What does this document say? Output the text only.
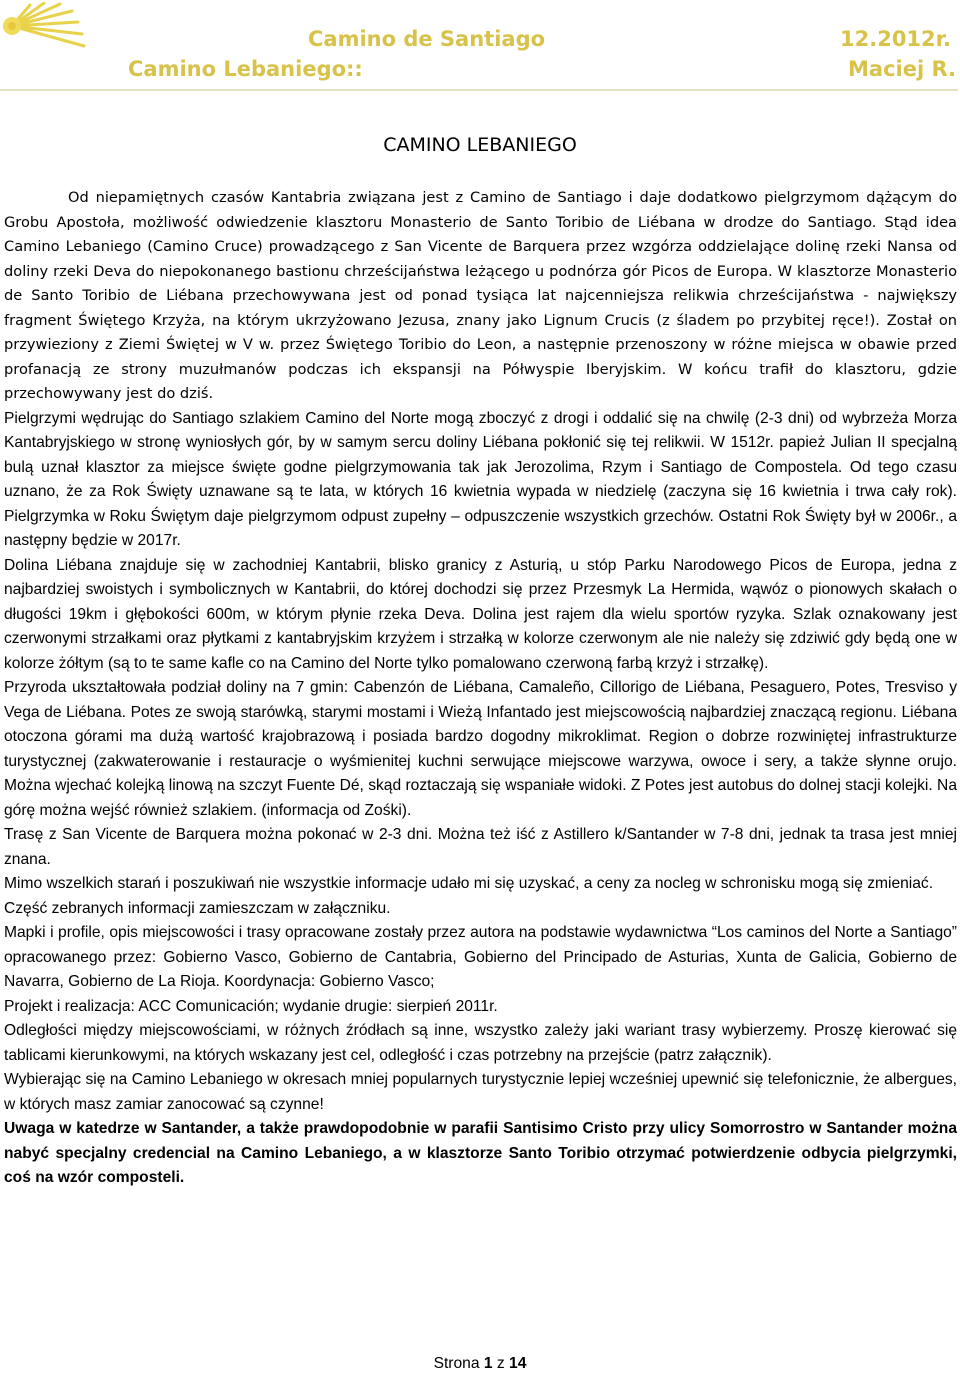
Camino de Santiago	12.2012r.
Camino Lebaniego::	Maciej R.
CAMINO LEBANIEGO

Od niepamiętnych czasów Kantabria związana jest z Camino de Santiago i daje dodatkowo pielgrzymom dążącym do Grobu Apostoła, możliwość odwiedzenie klasztoru Monasterio de Santo Toribio de Liébana w drodze do Santiago. Stąd idea Camino Lebaniego (Camino Cruce) prowadzącego z San Vicente de Barquera przez wzgórza oddzielające dolinę rzeki Nansa od doliny rzeki Deva do niepokonanego bastionu chrześcijaństwa leżącego u podnórza gór Picos de Europa. W klasztorze Monasterio de Santo Toribio de Liébana przechowywana jest od ponad tysiąca lat najcenniejsza relikwia chrześcijaństwa - największy fragment Świętego Krzyża, na którym ukrzyżowano Jezusa, znany jako Lignum Crucis (z śladem po przybitej ręce!). Został on przywieziony z Ziemi Świętej w V w. przez Świętego Toribio do Leon, a następnie przenoszony w różne miejsca w obawie przed profanacją ze strony muzułmanów podczas ich ekspansji na Półwyspie Iberyjskim. W końcu trafił do klasztoru, gdzie przechowywany jest do dziś.

Pielgrzymi wędrując do Santiago szlakiem Camino del Norte mogą zboczyć z drogi i oddalić się na chwilę (2-3 dni) od wybrzeża Morza Kantabryjskiego w stronę wyniosłych gór, by w samym sercu doliny Liébana pokłonić się tej relikwii. W 1512r. papież Julian II specjalną bulą uznał klasztor za miejsce święte godne pielgrzymowania tak jak Jerozolima, Rzym i Santiago de Compostela. Od tego czasu uznano, że za Rok Święty uznawane są te lata, w których 16 kwietnia wypada w niedzielę (zaczyna się 16 kwietnia i trwa cały rok). Pielgrzymka w Roku Świętym daje pielgrzymom odpust zupełny – odpuszczenie wszystkich grzechów. Ostatni Rok Święty był w 2006r., a następny będzie w 2017r.

Dolina Liébana znajduje się w zachodniej Kantabrii, blisko granicy z Asturią, u stóp Parku Narodowego Picos de Europa, jedna z najbardziej swoistych i symbolicznych w Kantabrii, do której dochodzi się przez Przesmyk La Hermida, wąwóz o pionowych skałach o długości 19km i głębokości 600m, w którym płynie rzeka Deva. Dolina jest rajem dla wielu sportów ryzyka. Szlak oznakowany jest czerwonymi strzałkami oraz płytkami z kantabryjskim krzyżem i strzałką w kolorze czerwonym ale nie należy się zdziwić gdy będą one w kolorze żółtym (są to te same kafle co na Camino del Norte tylko pomalowano czerwoną farbą krzyż i strzałkę).

Przyroda ukształtowała podział doliny na 7 gmin: Cabenzón de Liébana, Camaleño, Cillorigo de Liébana, Pesaguero, Potes, Tresviso y Vega de Liébana. Potes ze swoją starówką, starymi mostami i Wieżą Infantado jest miejscowością najbardziej znaczącą regionu. Liébana otoczona górami ma dużą wartość krajobrazową i posiada bardzo dogodny mikroklimat. Region o dobrze rozwiniętej infrastrukturze turystycznej (zakwaterowanie i restauracje o wyśmienitej kuchni serwujące miejscowe warzywa, owoce i sery, a także słynne orujo. Można wjechać kolejką linową na szczyt Fuente Dé, skąd roztaczają się wspaniałe widoki. Z Potes jest autobus do dolnej stacji kolejki. Na górę można wejść również szlakiem. (informacja od Zośki).

Trasę z San Vicente de Barquera można pokonać w 2-3 dni. Można też iść z Astillero k/Santander w 7-8 dni, jednak ta trasa jest mniej znana.

Mimo wszelkich starań i poszukiwań nie wszystkie informacje udało mi się uzyskać, a ceny za nocleg w schronisku mogą się zmieniać.

Część zebranych informacji zamieszczam w załączniku.

Mapki i profile, opis miejscowości i trasy opracowane zostały przez autora na podstawie wydawnictwa “Los caminos del Norte a Santiago” opracowanego przez: Gobierno Vasco, Gobierno de Cantabria, Gobierno del Principado de Asturias, Xunta de Galicia, Gobierno de Navarra, Gobierno de La Rioja. Koordynacja: Gobierno Vasco;

Projekt i realizacja: ACC Comunicación; wydanie drugie: sierpień 2011r.

Odległości między miejscowościami, w różnych źródłach są inne, wszystko zależy jaki wariant trasy wybierzemy. Proszę kierować się tablicami kierunkowymi, na których wskazany jest cel, odległość i czas potrzebny na przejście (patrz załącznik).

Wybierając się na Camino Lebaniego w okresach mniej popularnych turystycznie lepiej wcześniej upewnić się telefonicznie, że albergues, w których masz zamiar zanocować są czynne!

Uwaga w katedrze w Santander, a także prawdopodobnie w parafii Santisimo Cristo przy ulicy Somorrostro w Santander można nabyć specjalny credencial na Camino Lebaniego, a w klasztorze Santo Toribio otrzymać potwierdzenie odbycia pielgrzymki, coś na wzór composteli.

Strona 1 z 14
